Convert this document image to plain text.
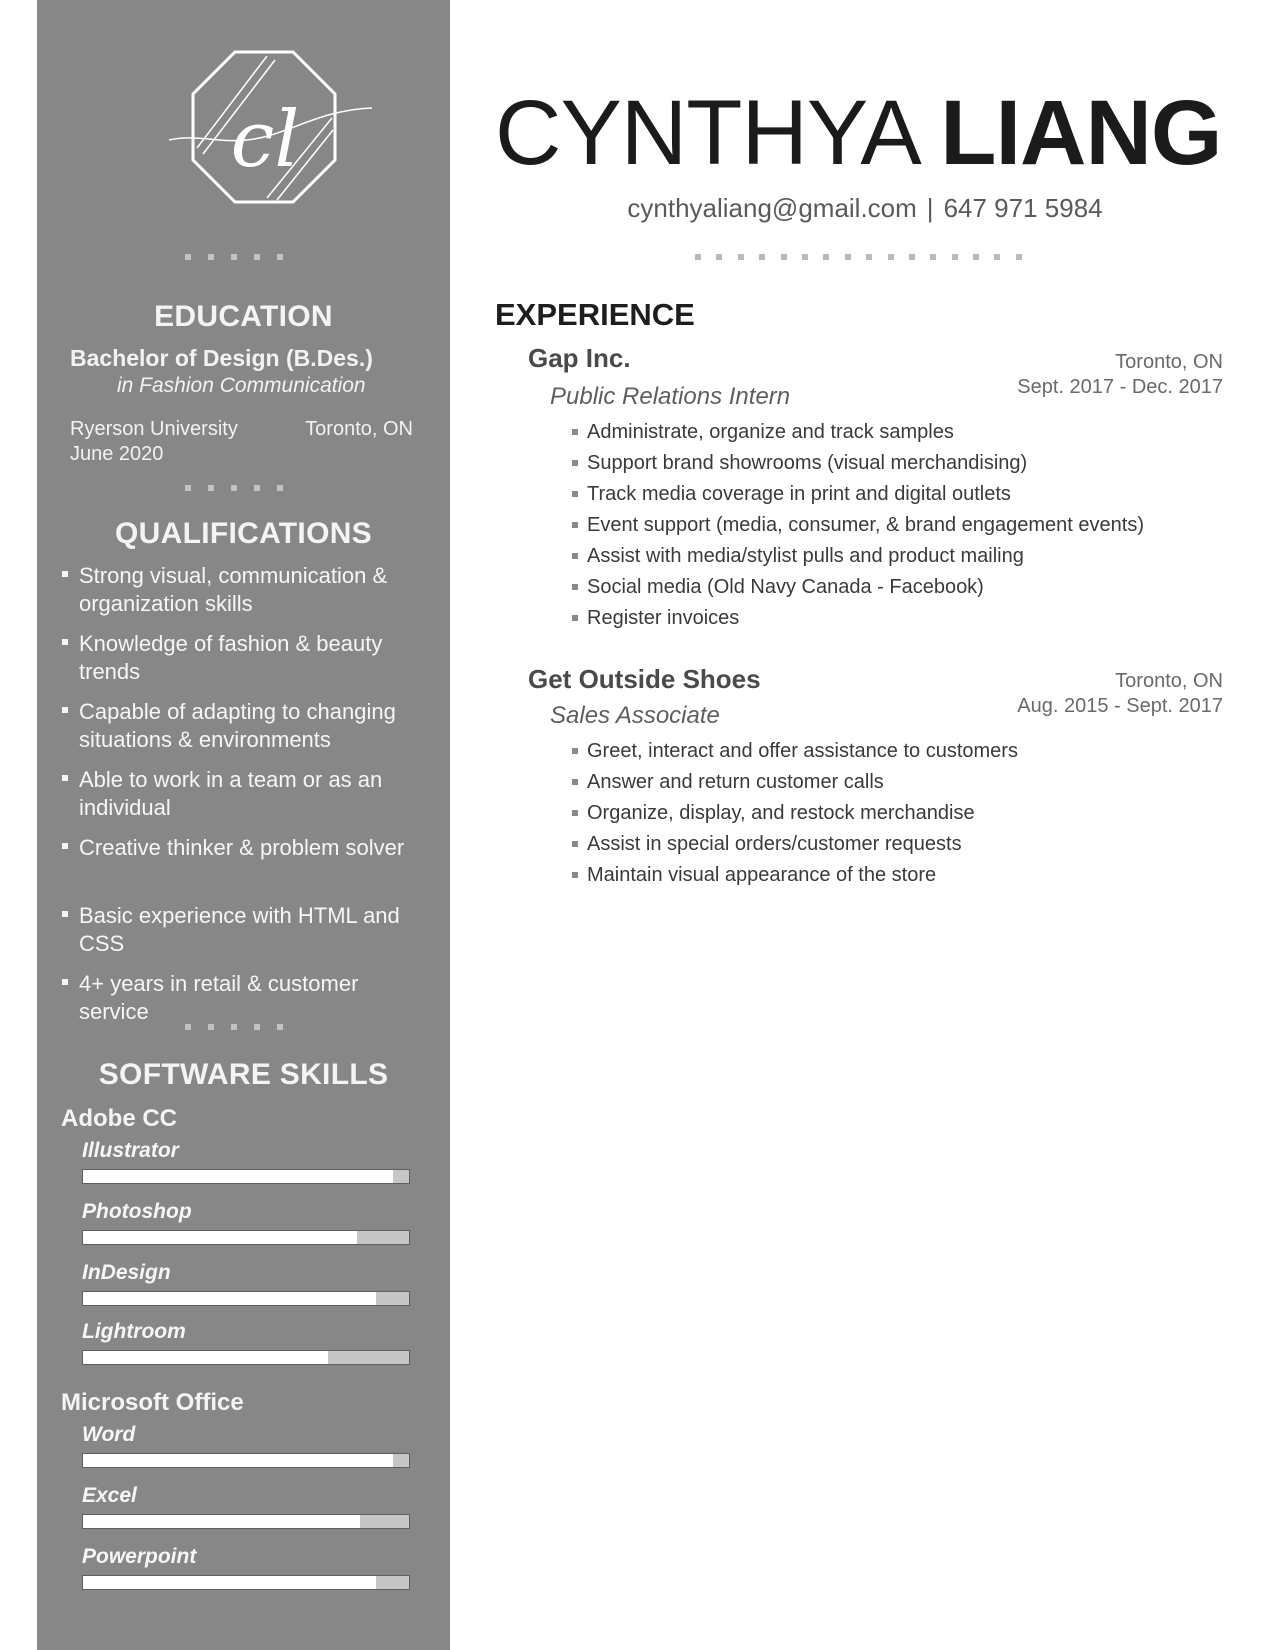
cl
EDUCATION
Bachelor of Design (B.Des.)
in Fashion Communication
Ryerson University	Toronto, ON
June 2020
QUALIFICATIONS
Strong visual, communication & organization skills
Knowledge of fashion & beauty trends
Capable of adapting to changing situations & environments
Able to work in a team or as an individual
Creative thinker & problem solver
Basic experience with HTML and CSS
4+ years in retail & customer service
SOFTWARE SKILLS
Adobe CC
Illustrator
Photoshop
InDesign
Lightroom
Microsoft Office
Word
Excel
Powerpoint
CYNTHYA LIANG
cynthyaliang@gmail.com | 647 971 5984
EXPERIENCE
Gap Inc.
Public Relations Intern
Toronto, ON
Sept. 2017 - Dec. 2017
Administrate, organize and track samples
Support brand showrooms (visual merchandising)
Track media coverage in print and digital outlets
Event support (media, consumer, & brand engagement events)
Assist with media/stylist pulls and product mailing
Social media (Old Navy Canada - Facebook)
Register invoices
Get Outside Shoes
Sales Associate
Toronto, ON
Aug. 2015 - Sept. 2017
Greet, interact and offer assistance to customers
Answer and return customer calls
Organize, display, and restock merchandise
Assist in special orders/customer requests
Maintain visual appearance of the store
